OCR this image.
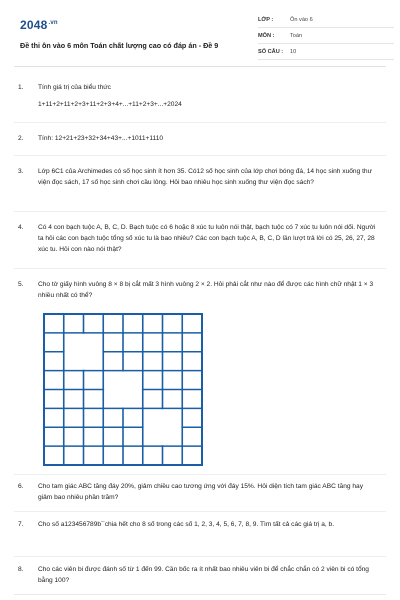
$2048^{.vn}$
Đề thi ôn vào 6 môn Toán chất lượng cao có đáp án - Đề 9
LỚP :	Ôn vào 6
MÔN :	Toán
SỐ CÂU :	10
1.	Tính giá trị của biểu thức
1+11+2+11+2+3+11+2+3+4+...+11+2+3+...+2024
2.	Tính: 12+21+23+32+34+43+...+1011+1110
3.	Lớp 6C1 của Archimedes có số học sinh ít hơn 35. Có12 số học sinh của lớp chơi bóng đá, 14 học sinh xuống thư viện đọc sách, 17 số học sinh chơi cầu lông. Hỏi bao nhiêu học sinh xuống thư viện đọc sách?
4.	Có 4 con bạch tuộc A, B, C, D. Bạch tuộc có 6 hoặc 8 xúc tu luôn nói thật, bạch tuộc có 7 xúc tu luôn nói dối. Người ta hỏi các con bạch tuộc tổng số xúc tu là bao nhiêu? Các con bạch tuộc A, B, C, D lần lượt trả lời có 25, 26, 27, 28 xúc tu. Hỏi con nào nói thật?
5.	Cho tờ giấy hình vuông 8 × 8 bị cắt mất 3 hình vuông 2 × 2. Hỏi phải cắt như nào để được các hình chữ nhật 1 × 3 nhiều nhất có thể?
6.	Cho tam giác ABC tăng đáy 20%, giảm chiều cao tương ứng với đáy 15%. Hỏi diện tích tam giác ABC tăng hay giảm bao nhiêu phần trăm?
7.	Cho số a123456789b¯chia hết cho 8 số trong các số 1, 2, 3, 4, 5, 6, 7, 8, 9. Tìm tất cả các giá trị a, b.
8.	Cho các viên bi được đánh số từ 1 đến 99. Cần bốc ra ít nhất bao nhiêu viên bi để chắc chắn có 2 viên bi có tổng bằng 100?
